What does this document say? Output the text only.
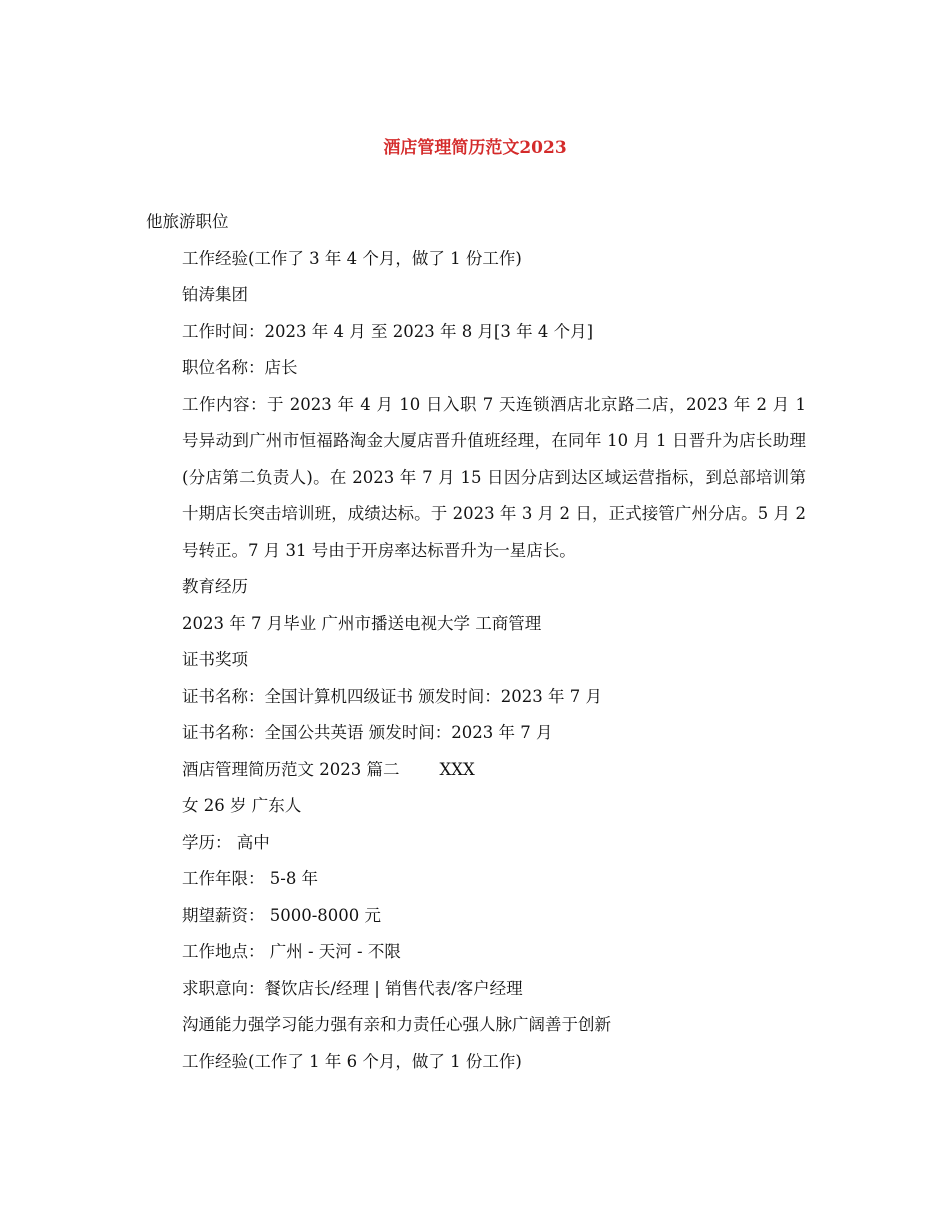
酒店管理简历范文2023

他旅游职位

工作经验(工作了 3 年 4 个月，做了 1 份工作)

铂涛集团

工作时间：2023 年 4 月 至 2023 年 8 月[3 年 4 个月]

职位名称：店长

工作内容：于 2023 年 4 月 10 日入职 7 天连锁酒店北京路二店，2023 年 2 月 1 号异动到广州市恒福路淘金大厦店晋升值班经理，在同年 10 月 1 日晋升为店长助理(分店第二负责人)。在 2023 年 7 月 15 日因分店到达区域运营指标，到总部培训第十期店长突击培训班，成绩达标。于 2023 年 3 月 2 日，正式接管广州分店。5 月 2 号转正。7 月 31 号由于开房率达标晋升为一星店长。

教育经历

2023 年 7 月毕业 广州市播送电视大学 工商管理

证书奖项

证书名称：全国计算机四级证书 颁发时间：2023 年 7 月

证书名称：全国公共英语 颁发时间：2023 年 7 月

酒店管理简历范文 2023 篇二 XXX

女 26 岁 广东人

学历： 高中

工作年限： 5-8 年

期望薪资： 5000-8000 元

工作地点： 广州 - 天河 - 不限

求职意向：餐饮店长/经理 | 销售代表/客户经理

沟通能力强学习能力强有亲和力责任心强人脉广阔善于创新

工作经验(工作了 1 年 6 个月，做了 1 份工作)
